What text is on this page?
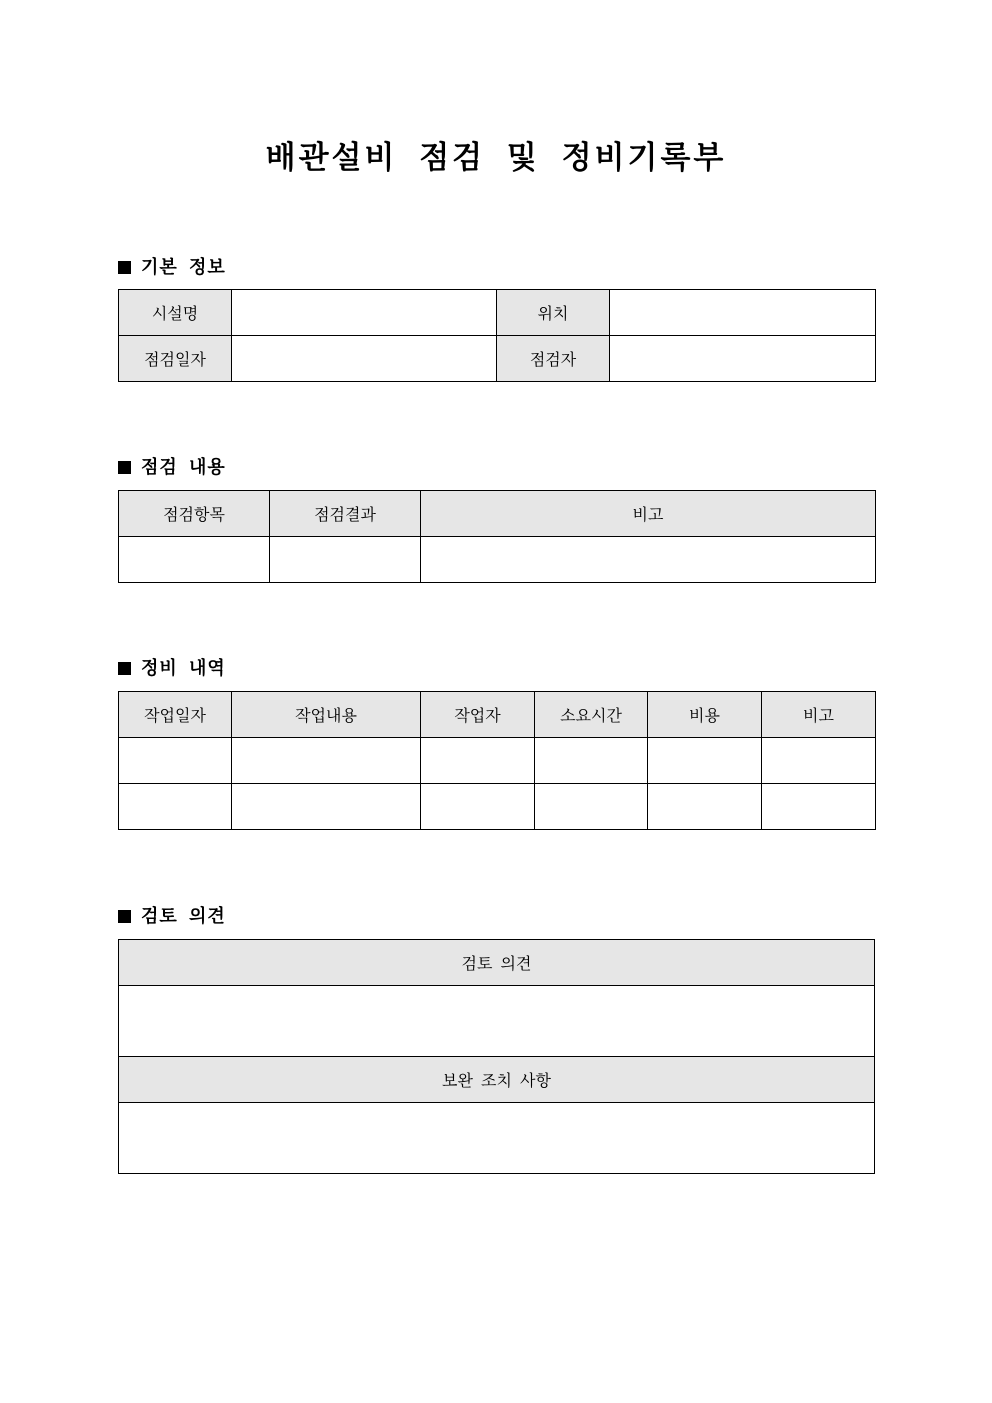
배관설비 점검 및 정비기록부
기본 정보
시설명		위치	
점검일자		점검자	
점검 내용
점검항목	점검결과	비고

정비 내역
작업일자	작업내용	작업자	소요시간	비용	비고

검토 의견
검토 의견

보완 조치 사항
